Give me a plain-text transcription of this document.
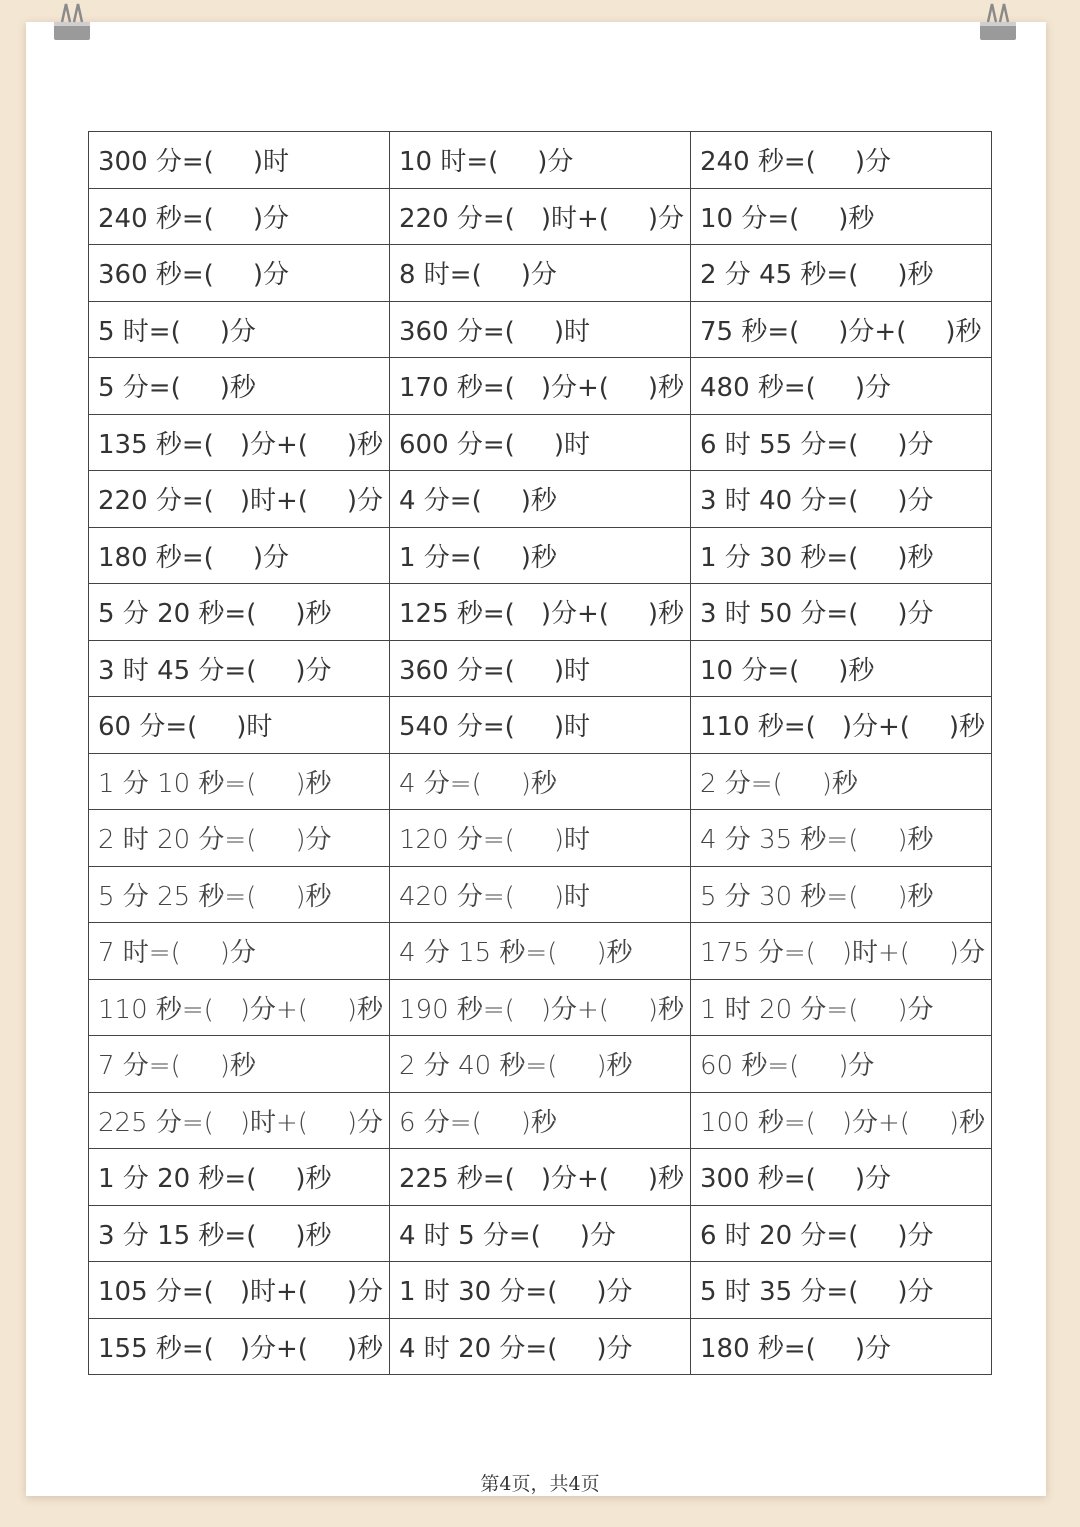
300 分=(  )时	10 时=(  )分	240 秒=(  )分
240 秒=(  )分	220 分=( )时+(  )分	10 分=(  )秒
360 秒=(  )分	8 时=(  )分	2 分 45 秒=(  )秒
5 时=(  )分	360 分=(  )时	75 秒=(  )分+(  )秒
5 分=(  )秒	170 秒=( )分+(  )秒	480 秒=(  )分
135 秒=( )分+(  )秒	600 分=(  )时	6 时 55 分=(  )分
220 分=( )时+(  )分	4 分=(  )秒	3 时 40 分=(  )分
180 秒=(  )分	1 分=(  )秒	1 分 30 秒=(  )秒
5 分 20 秒=(  )秒	125 秒=( )分+(  )秒	3 时 50 分=(  )分
3 时 45 分=(  )分	360 分=(  )时	10 分=(  )秒
60 分=(  )时	540 分=(  )时	110 秒=( )分+(  )秒
1 分 10 秒=(  )秒	4 分=(  )秒	2 分=(  )秒
2 时 20 分=(  )分	120 分=(  )时	4 分 35 秒=(  )秒
5 分 25 秒=(  )秒	420 分=(  )时	5 分 30 秒=(  )秒
7 时=(  )分	4 分 15 秒=(  )秒	175 分=( )时+(  )分
110 秒=( )分+(  )秒	190 秒=( )分+(  )秒	1 时 20 分=(  )分
7 分=(  )秒	2 分 40 秒=(  )秒	60 秒=(  )分
225 分=( )时+(  )分	6 分=(  )秒	100 秒=( )分+(  )秒
1 分 20 秒=(  )秒	225 秒=( )分+(  )秒	300 秒=(  )分
3 分 15 秒=(  )秒	4 时 5 分=(  )分	6 时 20 分=(  )分
105 分=( )时+(  )分	1 时 30 分=(  )分	5 时 35 分=(  )分
155 秒=( )分+(  )秒	4 时 20 分=(  )分	180 秒=(  )分
第4页，共4页
